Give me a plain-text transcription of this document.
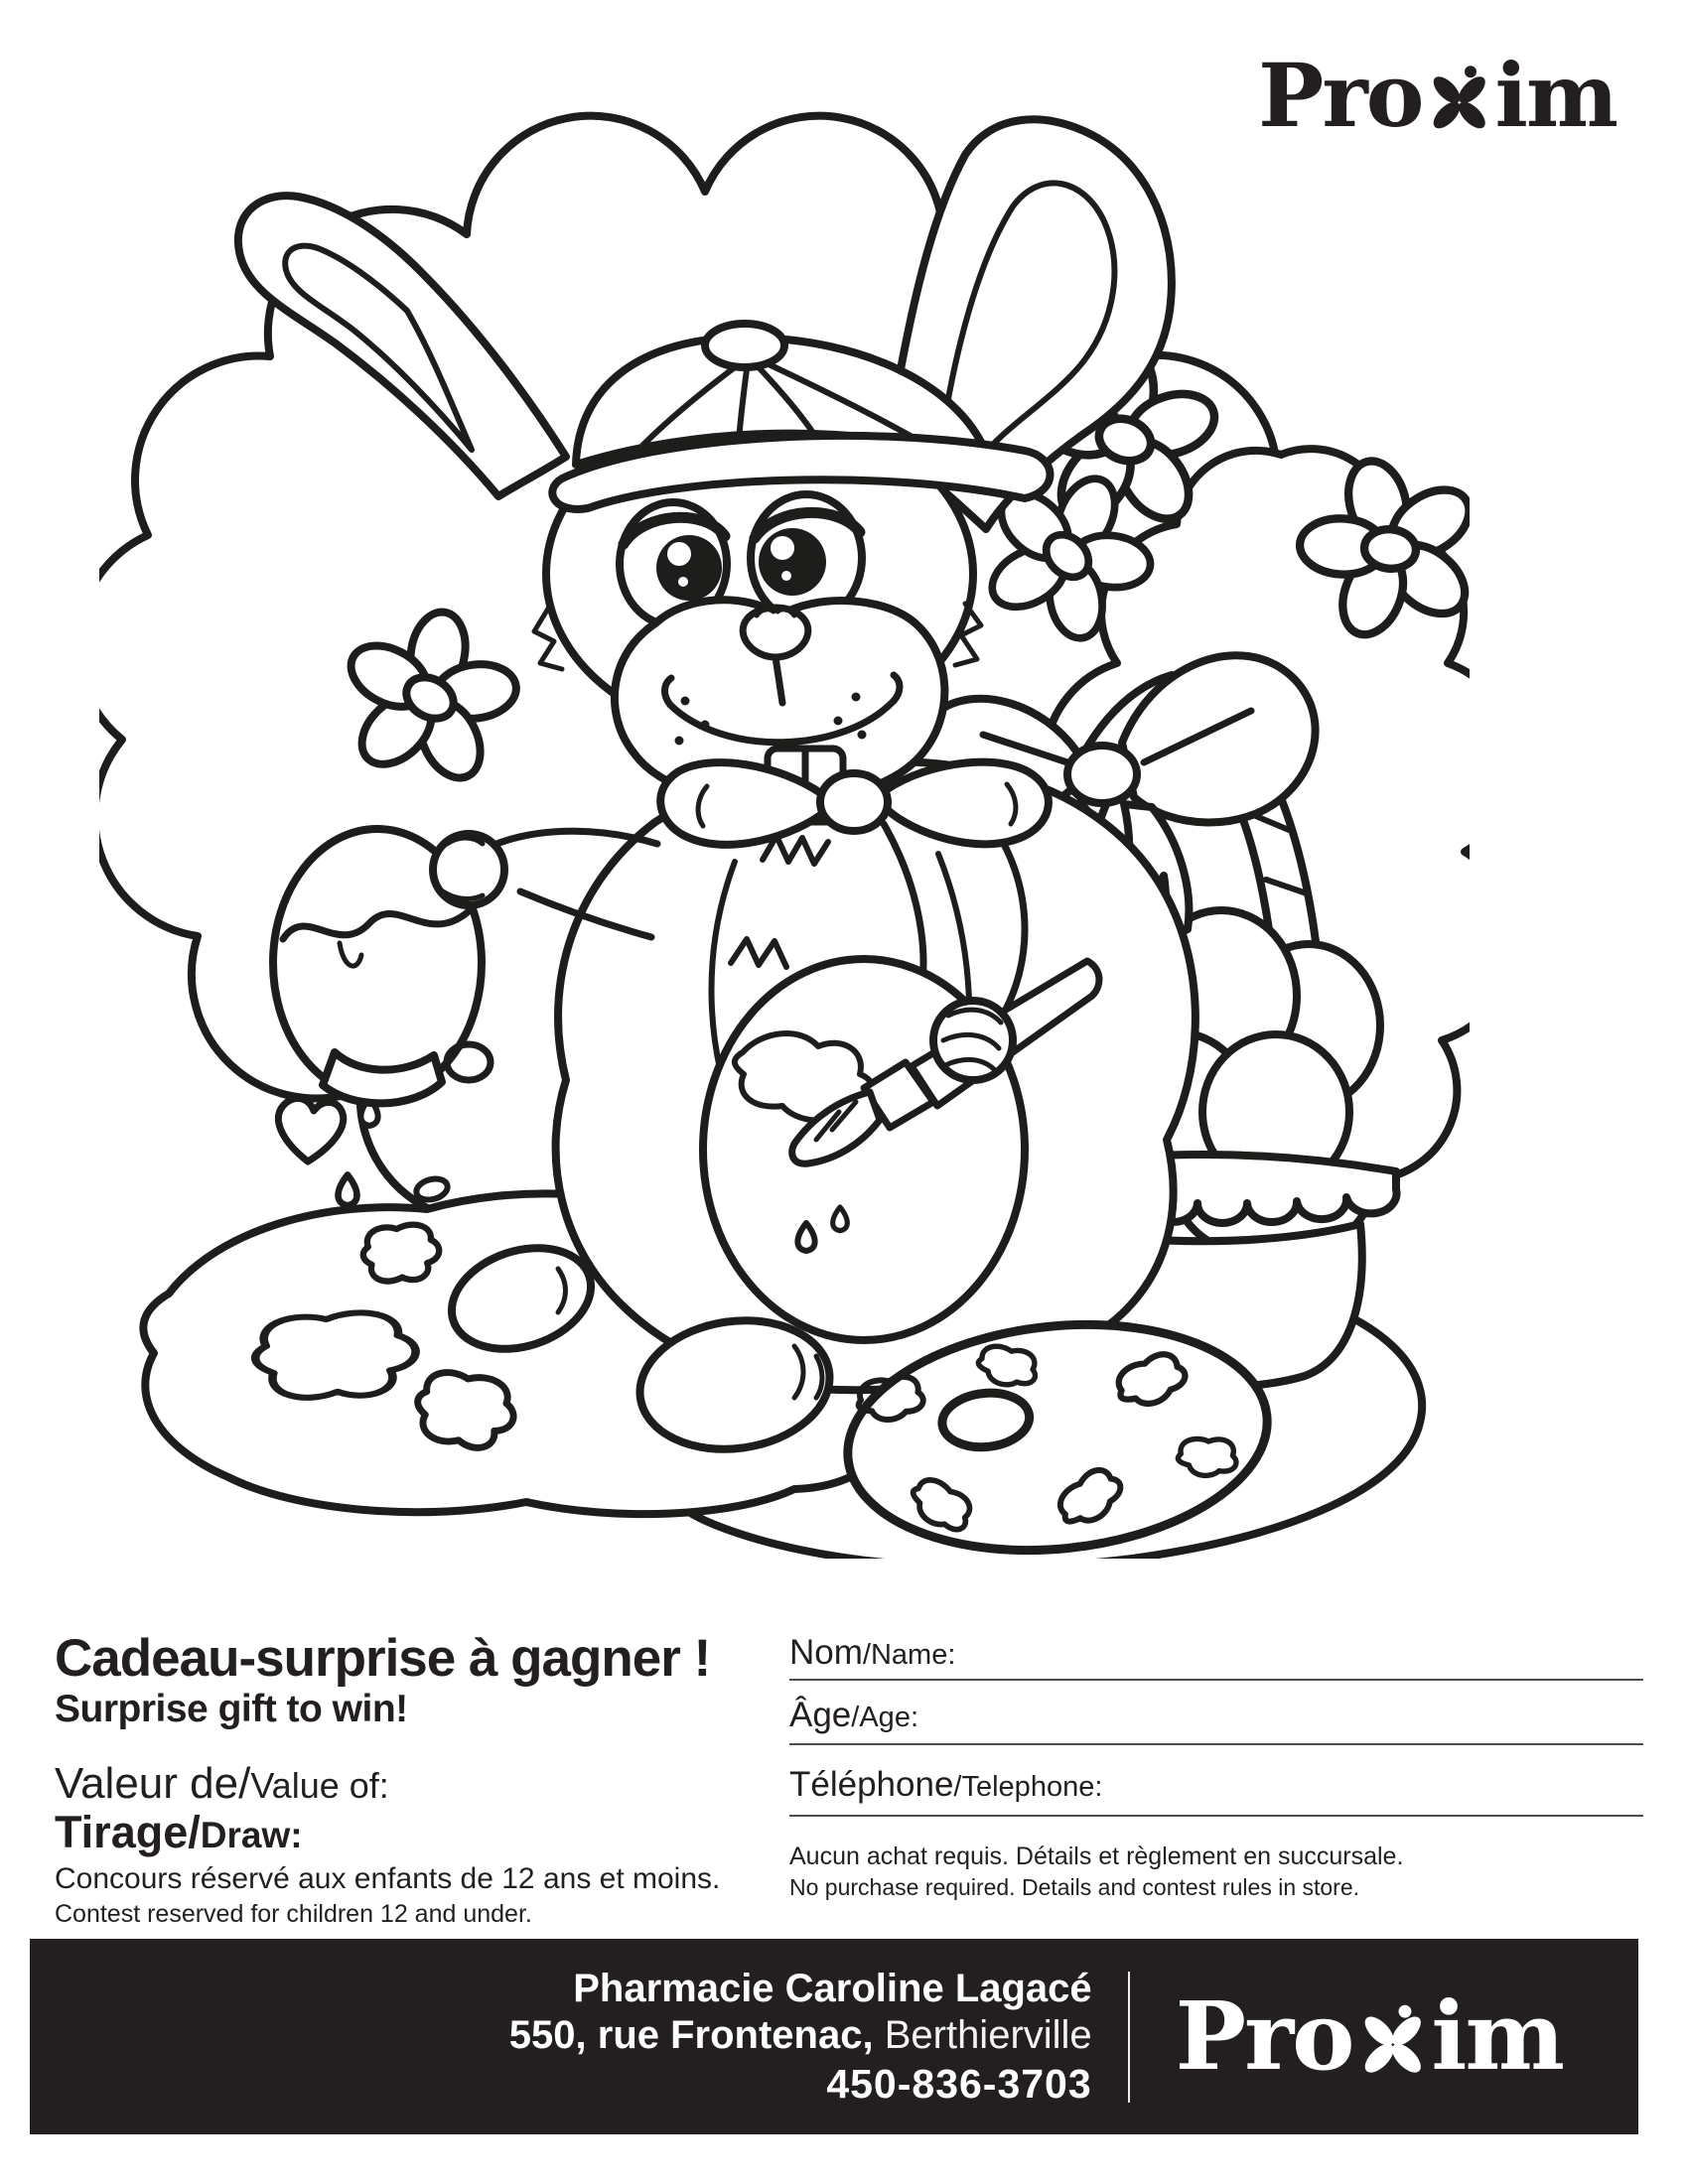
Pro im
Cadeau-surprise à gagner !
Surprise gift to win!
Valeur de/Value of:
Tirage/Draw:
Concours réservé aux enfants de 12 ans et moins.
Contest reserved for children 12 and under.
Nom/Name:
Âge/Age:
Téléphone/Telephone:
Aucun achat requis. Détails et règlement en succursale.
No purchase required. Details and contest rules in store.
Pharmacie Caroline Lagacé
550, rue Frontenac, Berthierville
450-836-3703 Pro im
